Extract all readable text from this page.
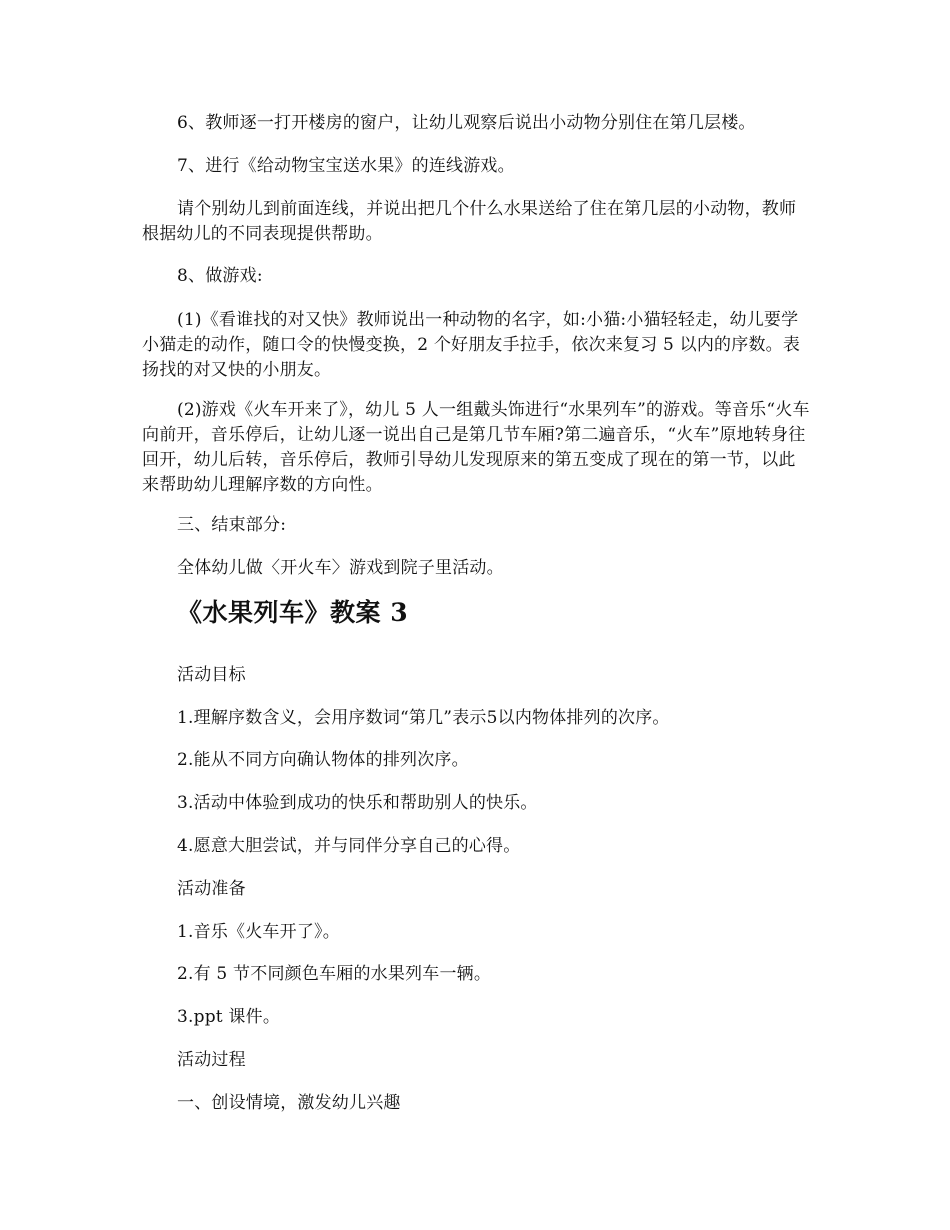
6、教师逐一打开楼房的窗户，让幼儿观察后说出小动物分别住在第几层楼。

7、进行《给动物宝宝送水果》的连线游戏。

请个别幼儿到前面连线，并说出把几个什么水果送给了住在第几层的小动物，教师根据幼儿的不同表现提供帮助。

8、做游戏:

(1)《看谁找的对又快》教师说出一种动物的名字，如:小猫:小猫轻轻走，幼儿要学小猫走的动作，随口令的快慢变换，2 个好朋友手拉手，依次来复习 5 以内的序数。表扬找的对又快的小朋友。

(2)游戏《火车开来了》，幼儿 5 人一组戴头饰进行“水果列车”的游戏。等音乐“火车向前开，音乐停后，让幼儿逐一说出自己是第几节车厢?第二遍音乐，“火车”原地转身往回开，幼儿后转，音乐停后，教师引导幼儿发现原来的第五变成了现在的第一节，以此来帮助幼儿理解序数的方向性。

三、结束部分:

全体幼儿做〈开火车〉游戏到院子里活动。

《水果列车》教案 3

活动目标

1.理解序数含义，会用序数词“第几”表示5以内物体排列的次序。

2.能从不同方向确认物体的排列次序。

3.活动中体验到成功的快乐和帮助别人的快乐。

4.愿意大胆尝试，并与同伴分享自己的心得。

活动准备

1.音乐《火车开了》。

2.有 5 节不同颜色车厢的水果列车一辆。

3.ppt 课件。

活动过程

一、创设情境，激发幼儿兴趣
